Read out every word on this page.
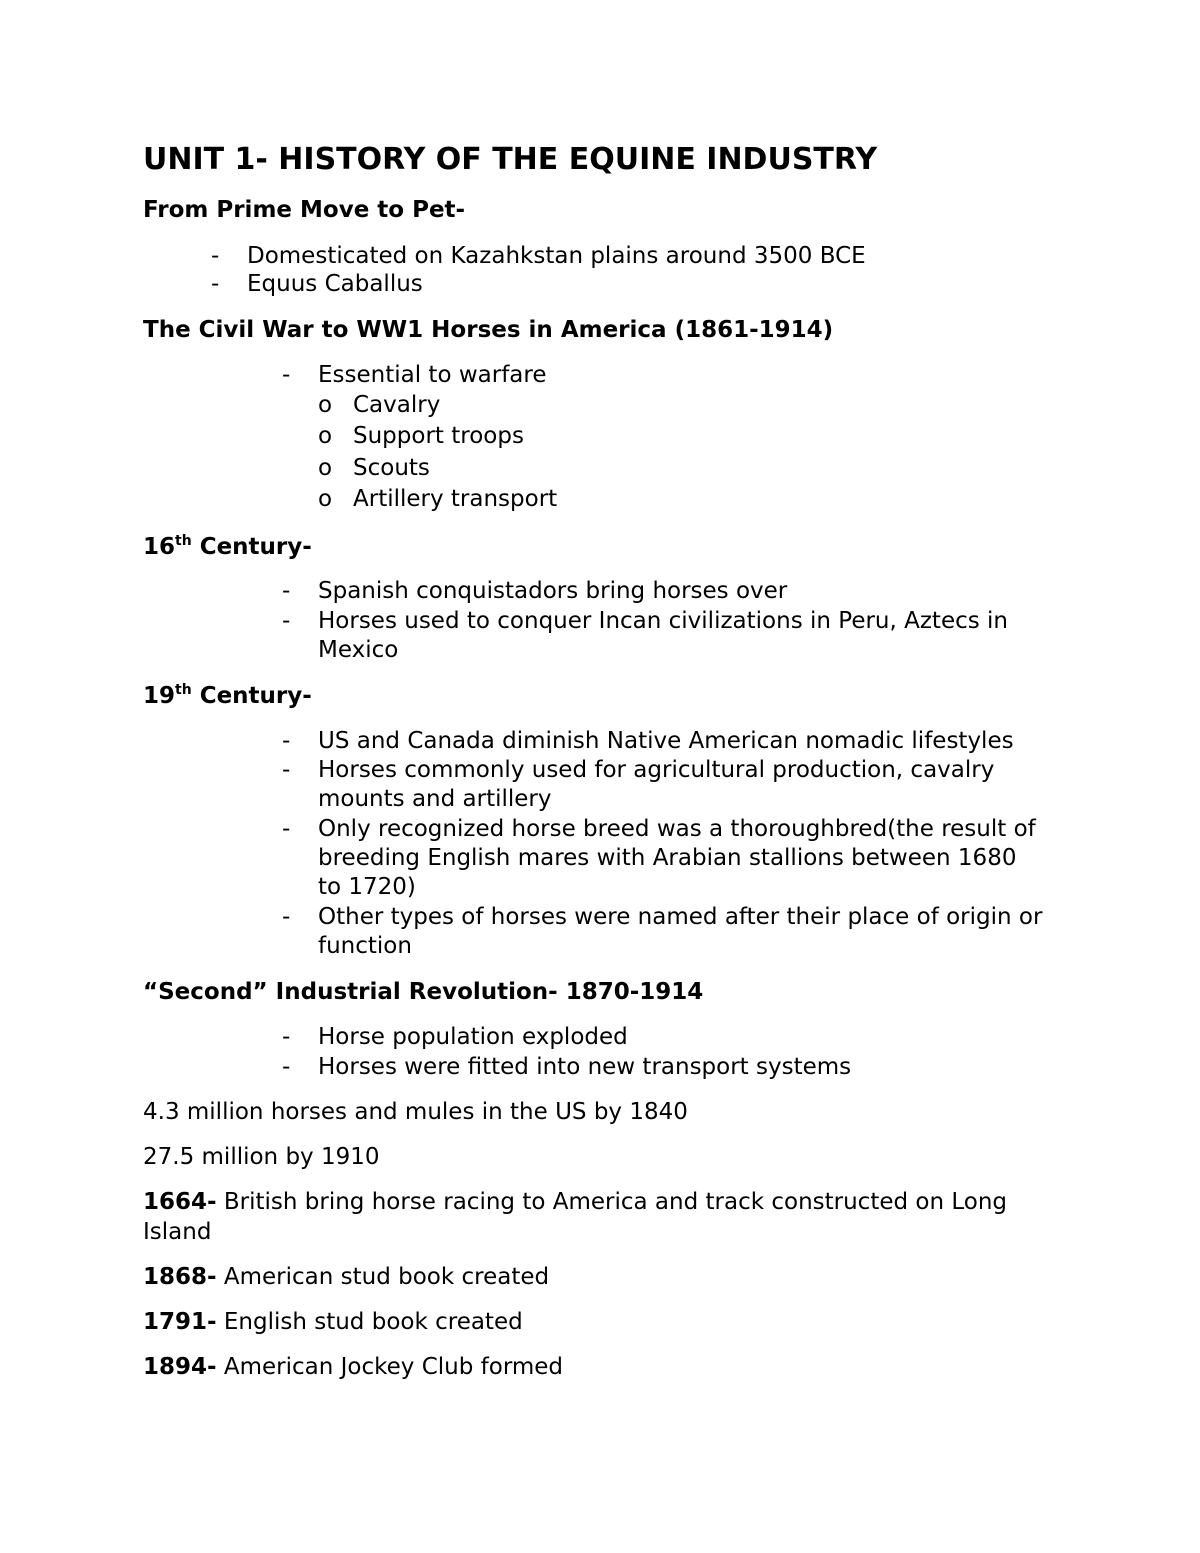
UNIT 1- HISTORY OF THE EQUINE INDUSTRY

From Prime Move to Pet-

- Domesticated on Kazahkstan plains around 3500 BCE

- Equus Caballus

The Civil War to WW1 Horses in America (1861-1914)

- Essential to warfare

o Cavalry

o Support troops

o Scouts

o Artillery transport

16th Century-

- Spanish conquistadors bring horses over

- Horses used to conquer Incan civilizations in Peru, Aztecs in

Mexico

19th Century-

- US and Canada diminish Native American nomadic lifestyles

- Horses commonly used for agricultural production, cavalry

mounts and artillery

- Only recognized horse breed was a thoroughbred(the result of

breeding English mares with Arabian stallions between 1680

to 1720)

- Other types of horses were named after their place of origin or

function

“Second” Industrial Revolution- 1870-1914

- Horse population exploded

- Horses were fitted into new transport systems

4.3 million horses and mules in the US by 1840

27.5 million by 1910

1664- British bring horse racing to America and track constructed on Long

Island

1868- American stud book created

1791- English stud book created

1894- American Jockey Club formed
